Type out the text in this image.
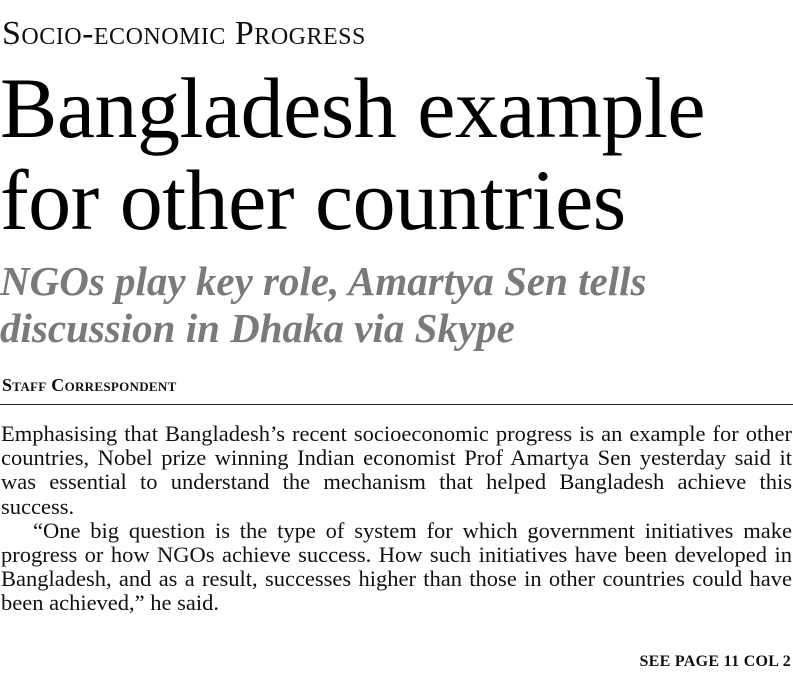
Socio-economic Progress
Bangladesh example
for other countries
NGOs play key role, Amartya Sen tells
discussion in Dhaka via Skype
Staff Correspondent

Emphasising that Bangladesh’s recent socioeconomic progress is an example for other countries, Nobel prize winning Indian economist Prof Amartya Sen yesterday said it was essential to understand the mechanism that helped Bangladesh achieve this success.

“One big question is the type of system for which government initiatives make progress or how NGOs achieve success. How such initiatives have been developed in Bangladesh, and as a result, successes higher than those in other countries could have been achieved,” he said.

SEE PAGE 11 COL 2
